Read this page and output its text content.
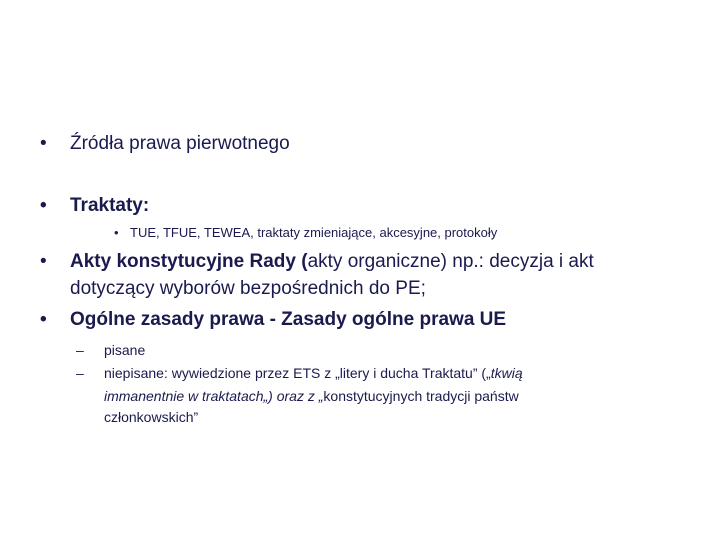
• Źródła prawa pierwotnego
• Traktaty:
• TUE, TFUE, TEWEA, traktaty zmieniające, akcesyjne, protokoły
• Akty konstytucyjne Rady (akty organiczne) np.: decyzja i akt
dotyczący wyborów bezpośrednich do PE;
• Ogólne zasady prawa - Zasady ogólne prawa UE
– pisane
– niepisane: wywiedzione przez ETS z „litery i ducha Traktatu” („tkwią
immanentnie w traktatach„) oraz z „konstytucyjnych tradycji państw
członkowskich”
